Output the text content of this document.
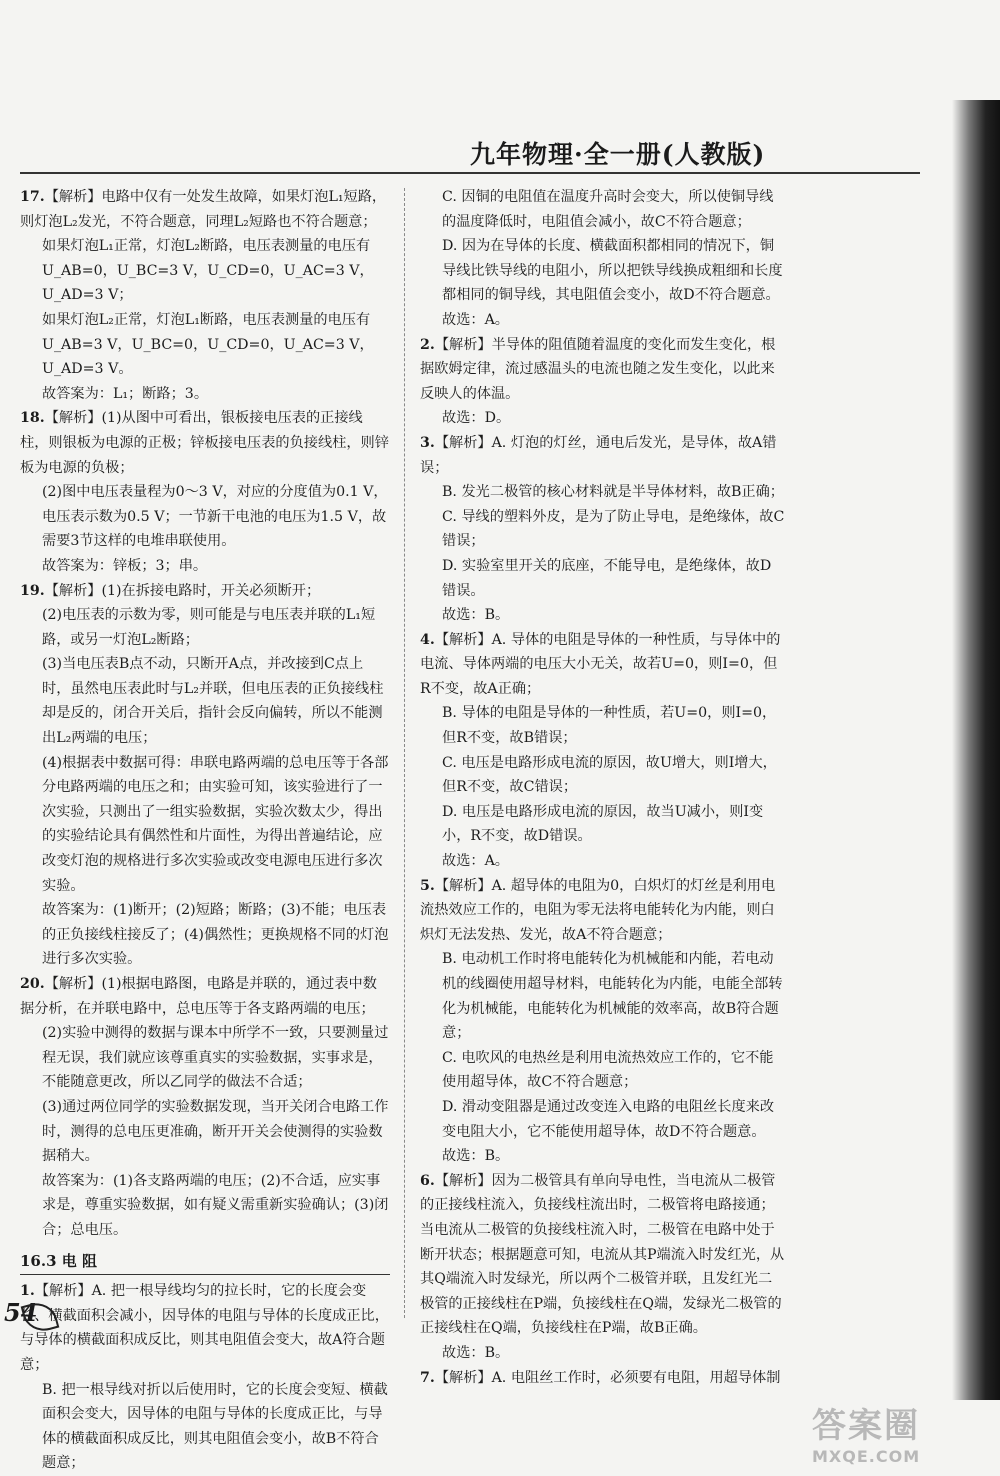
九年物理·全一册(人教版)

17.【解析】电路中仅有一处发生故障，如果灯泡L₁短路，则灯泡L₂发光，不符合题意，同理L₂短路也不符合题意；

如果灯泡L₁正常，灯泡L₂断路，电压表测量的电压有U_AB=0，U_BC=3 V，U_CD=0，U_AC=3 V，U_AD=3 V；

如果灯泡L₂正常，灯泡L₁断路，电压表测量的电压有U_AB=3 V，U_BC=0，U_CD=0，U_AC=3 V，U_AD=3 V。

故答案为：L₁；断路；3。

18.【解析】(1)从图中可看出，银板接电压表的正接线柱，则银板为电源的正极；锌板接电压表的负接线柱，则锌板为电源的负极；

(2)图中电压表量程为0～3 V，对应的分度值为0.1 V，电压表示数为0.5 V；一节新干电池的电压为1.5 V，故需要3节这样的电堆串联使用。

故答案为：锌板；3；串。

19.【解析】(1)在拆接电路时，开关必须断开；

(2)电压表的示数为零，则可能是与电压表并联的L₁短路，或另一灯泡L₂断路；

(3)当电压表B点不动，只断开A点，并改接到C点上时，虽然电压表此时与L₂并联，但电压表的正负接线柱却是反的，闭合开关后，指针会反向偏转，所以不能测出L₂两端的电压；

(4)根据表中数据可得：串联电路两端的总电压等于各部分电路两端的电压之和；由实验可知，该实验进行了一次实验，只测出了一组实验数据，实验次数太少，得出的实验结论具有偶然性和片面性，为得出普遍结论，应改变灯泡的规格进行多次实验或改变电源电压进行多次实验。

故答案为：(1)断开；(2)短路；断路；(3)不能；电压表的正负接线柱接反了；(4)偶然性；更换规格不同的灯泡进行多次实验。

20.【解析】(1)根据电路图，电路是并联的，通过表中数据分析，在并联电路中，总电压等于各支路两端的电压；

(2)实验中测得的数据与课本中所学不一致，只要测量过程无误，我们就应该尊重真实的实验数据，实事求是，不能随意更改，所以乙同学的做法不合适；

(3)通过两位同学的实验数据发现，当开关闭合电路工作时，测得的总电压更准确，断开开关会使测得的实验数据稍大。

故答案为：(1)各支路两端的电压；(2)不合适，应实事求是，尊重实验数据，如有疑义需重新实验确认；(3)闭合；总电压。

16.3 电 阻

1.【解析】A. 把一根导线均匀的拉长时，它的长度会变长、横截面积会减小，因导体的电阻与导体的长度成正比，与导体的横截面积成反比，则其电阻值会变大，故A符合题意；

B. 把一根导线对折以后使用时，它的长度会变短、横截面积会变大，因导体的电阻与导体的长度成正比，与导体的横截面积成反比，则其电阻值会变小，故B不符合题意；

C. 因铜的电阻值在温度升高时会变大，所以使铜导线的温度降低时，电阻值会减小，故C不符合题意；

D. 因为在导体的长度、横截面积都相同的情况下，铜导线比铁导线的电阻小，所以把铁导线换成粗细和长度都相同的铜导线，其电阻值会变小，故D不符合题意。

故选：A。

2.【解析】半导体的阻值随着温度的变化而发生变化，根据欧姆定律，流过感温头的电流也随之发生变化，以此来反映人的体温。

故选：D。

3.【解析】A. 灯泡的灯丝，通电后发光，是导体，故A错误；

B. 发光二极管的核心材料就是半导体材料，故B正确；

C. 导线的塑料外皮，是为了防止导电，是绝缘体，故C错误；

D. 实验室里开关的底座，不能导电，是绝缘体，故D错误。

故选：B。

4.【解析】A. 导体的电阻是导体的一种性质，与导体中的电流、导体两端的电压大小无关，故若U=0，则I=0，但R不变，故A正确；

B. 导体的电阻是导体的一种性质，若U=0，则I=0，但R不变，故B错误；

C. 电压是电路形成电流的原因，故U增大，则I增大，但R不变，故C错误；

D. 电压是电路形成电流的原因，故当U减小，则I变小，R不变，故D错误。

故选：A。

5.【解析】A. 超导体的电阻为0，白炽灯的灯丝是利用电流热效应工作的，电阻为零无法将电能转化为内能，则白炽灯无法发热、发光，故A不符合题意；

B. 电动机工作时将电能转化为机械能和内能，若电动机的线圈使用超导材料，电能转化为内能，电能全部转化为机械能，电能转化为机械能的效率高，故B符合题意；

C. 电吹风的电热丝是利用电流热效应工作的，它不能使用超导体，故C不符合题意；

D. 滑动变阻器是通过改变连入电路的电阻丝长度来改变电阻大小，它不能使用超导体，故D不符合题意。

故选：B。

6.【解析】因为二极管具有单向导电性，当电流从二极管的正接线柱流入，负接线柱流出时，二极管将电路接通；当电流从二极管的负接线柱流入时，二极管在电路中处于断开状态；根据题意可知，电流从其P端流入时发红光，从其Q端流入时发绿光，所以两个二极管并联，且发红光二极管的正接线柱在P端，负接线柱在Q端，发绿光二极管的正接线柱在Q端，负接线柱在P端，故B正确。

故选：B。

7.【解析】A. 电阻丝工作时，必须要有电阻，用超导体制

54
答案圈
MXQE.COM
